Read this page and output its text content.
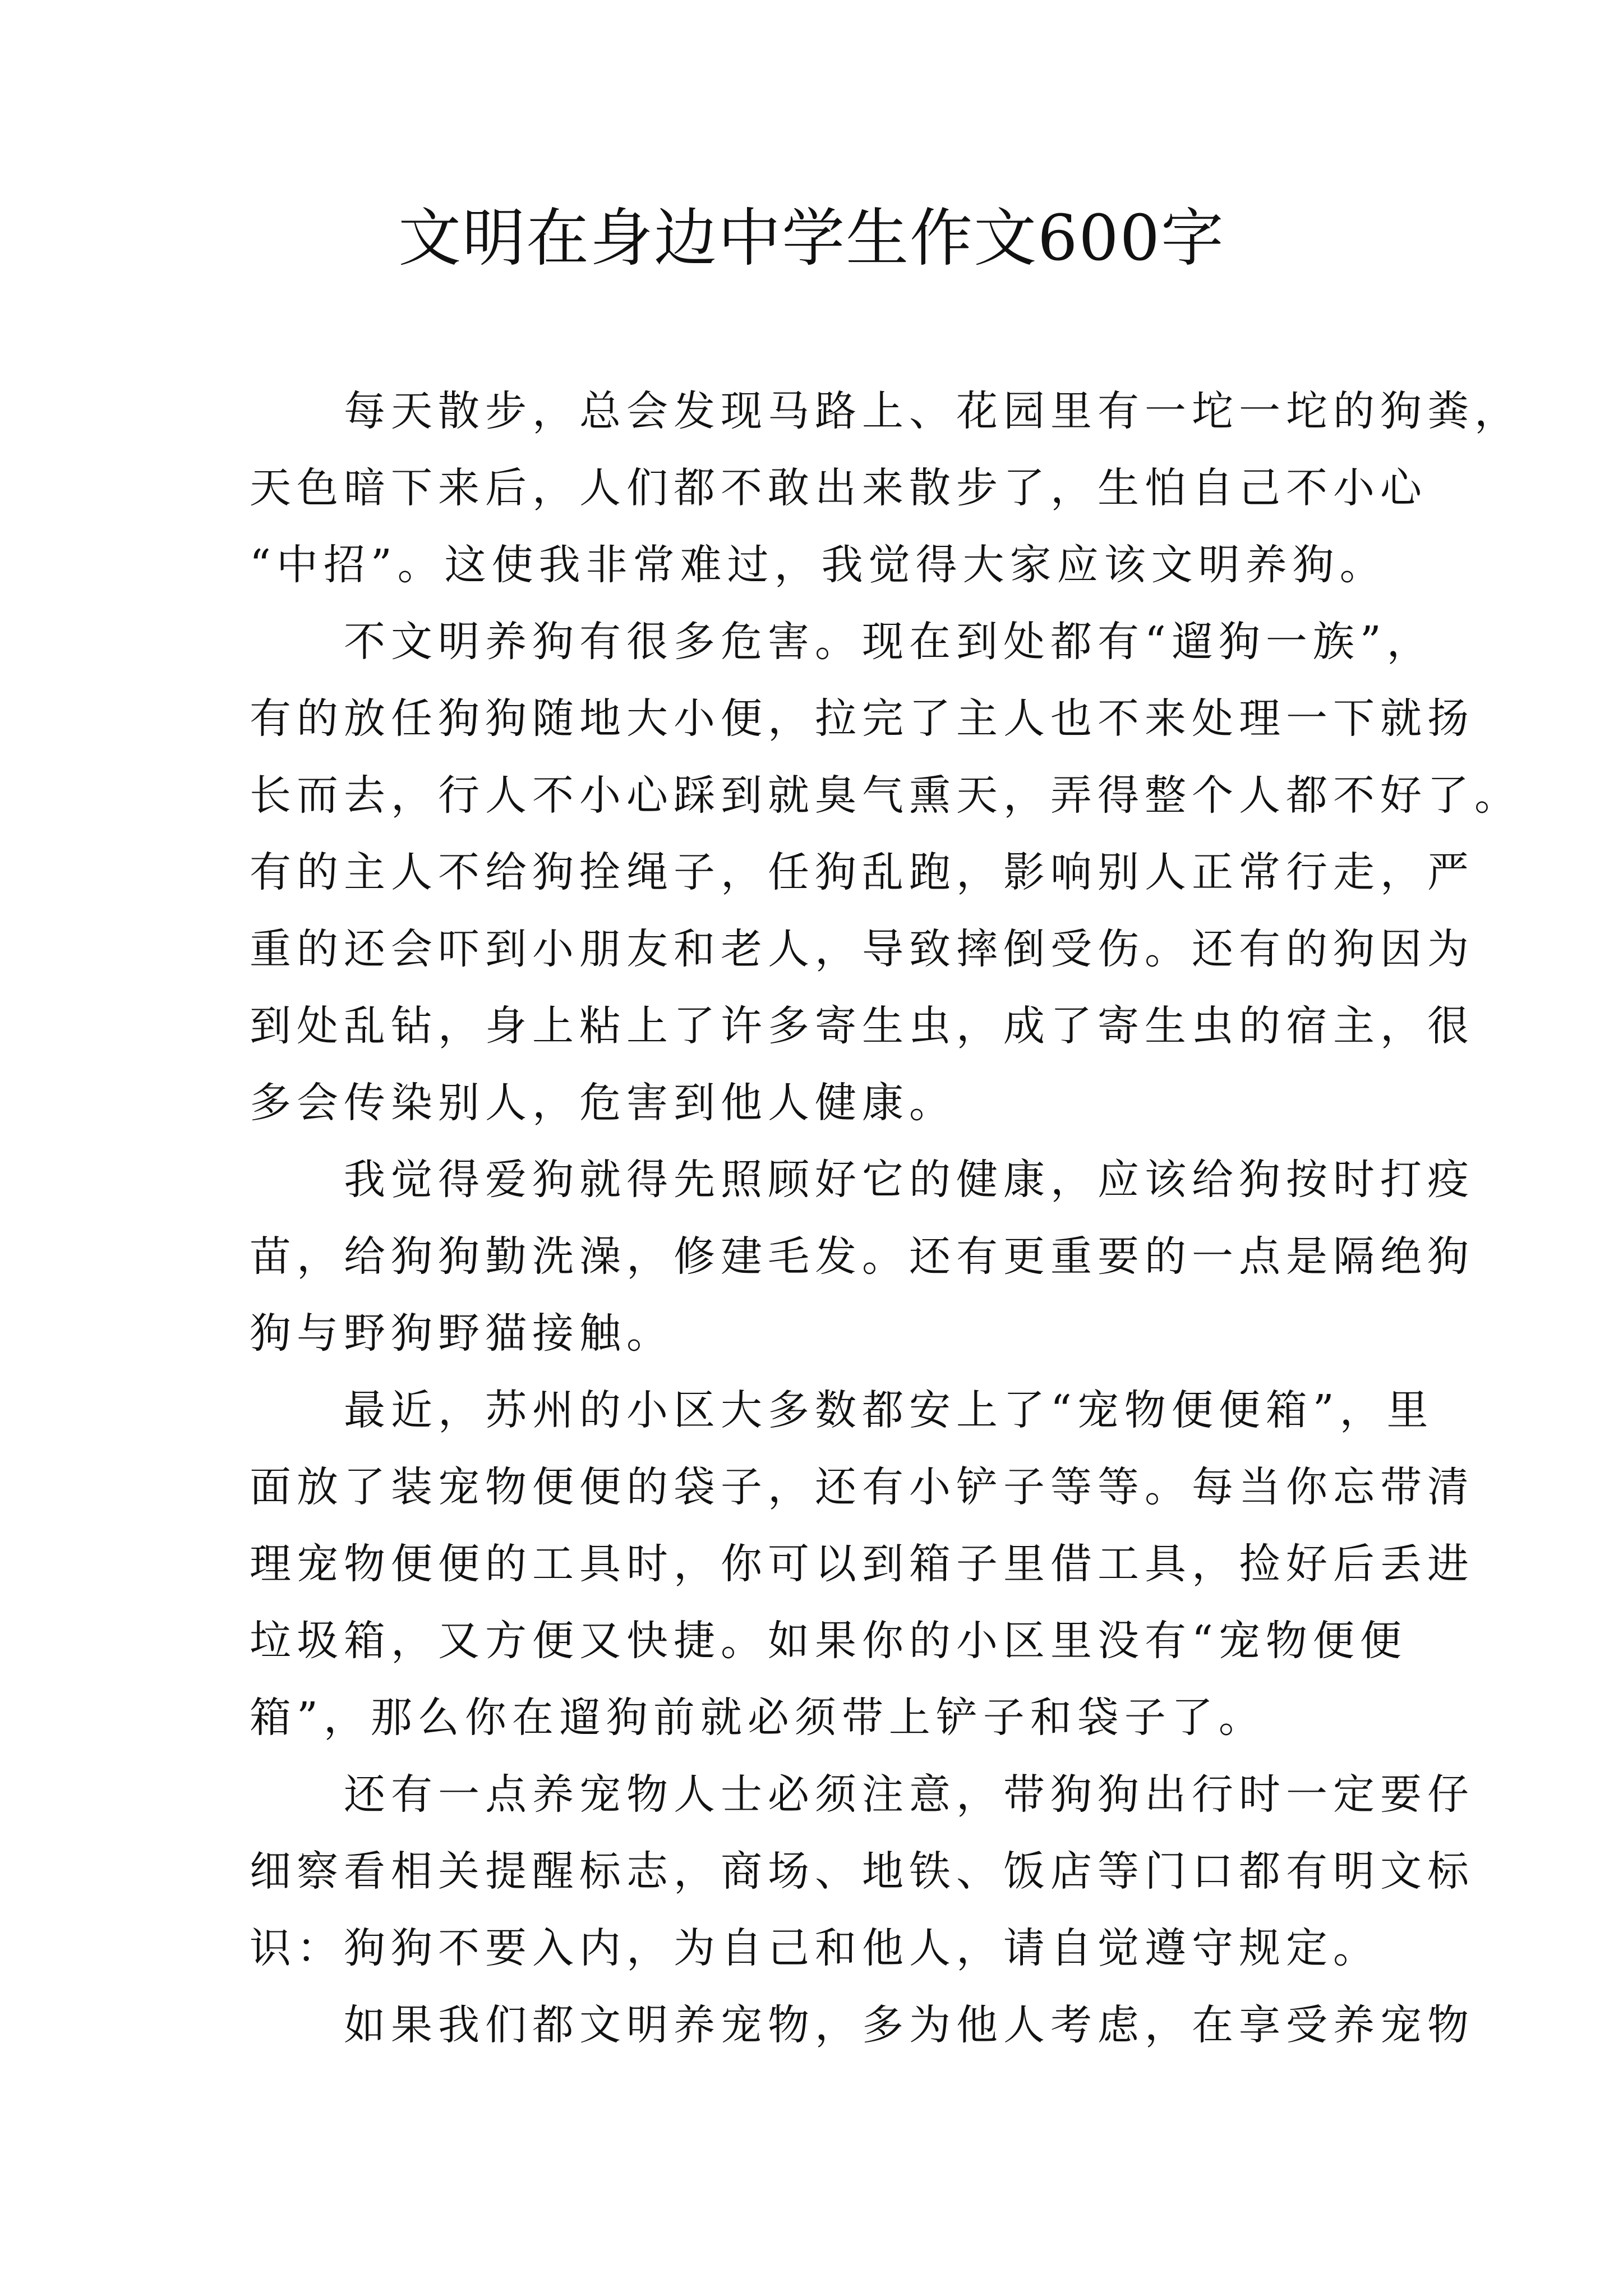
文明在身边中学生作文600字

每天散步，总会发现马路上、花园里有一坨一坨的狗粪，
天色暗下来后，人们都不敢出来散步了，生怕自己不小心
“中招”。这使我非常难过，我觉得大家应该文明养狗。

不文明养狗有很多危害。现在到处都有“遛狗一族”，
有的放任狗狗随地大小便，拉完了主人也不来处理一下就扬
长而去，行人不小心踩到就臭气熏天，弄得整个人都不好了。
有的主人不给狗拴绳子，任狗乱跑，影响别人正常行走，严
重的还会吓到小朋友和老人，导致摔倒受伤。还有的狗因为
到处乱钻，身上粘上了许多寄生虫，成了寄生虫的宿主，很
多会传染别人，危害到他人健康。

我觉得爱狗就得先照顾好它的健康，应该给狗按时打疫
苗，给狗狗勤洗澡，修建毛发。还有更重要的一点是隔绝狗
狗与野狗野猫接触。

最近，苏州的小区大多数都安上了“宠物便便箱”，里
面放了装宠物便便的袋子，还有小铲子等等。每当你忘带清
理宠物便便的工具时，你可以到箱子里借工具，捡好后丢进
垃圾箱，又方便又快捷。如果你的小区里没有“宠物便便
箱”，那么你在遛狗前就必须带上铲子和袋子了。

还有一点养宠物人士必须注意，带狗狗出行时一定要仔
细察看相关提醒标志，商场、地铁、饭店等门口都有明文标
识：狗狗不要入内，为自己和他人，请自觉遵守规定。

如果我们都文明养宠物，多为他人考虑，在享受养宠物
